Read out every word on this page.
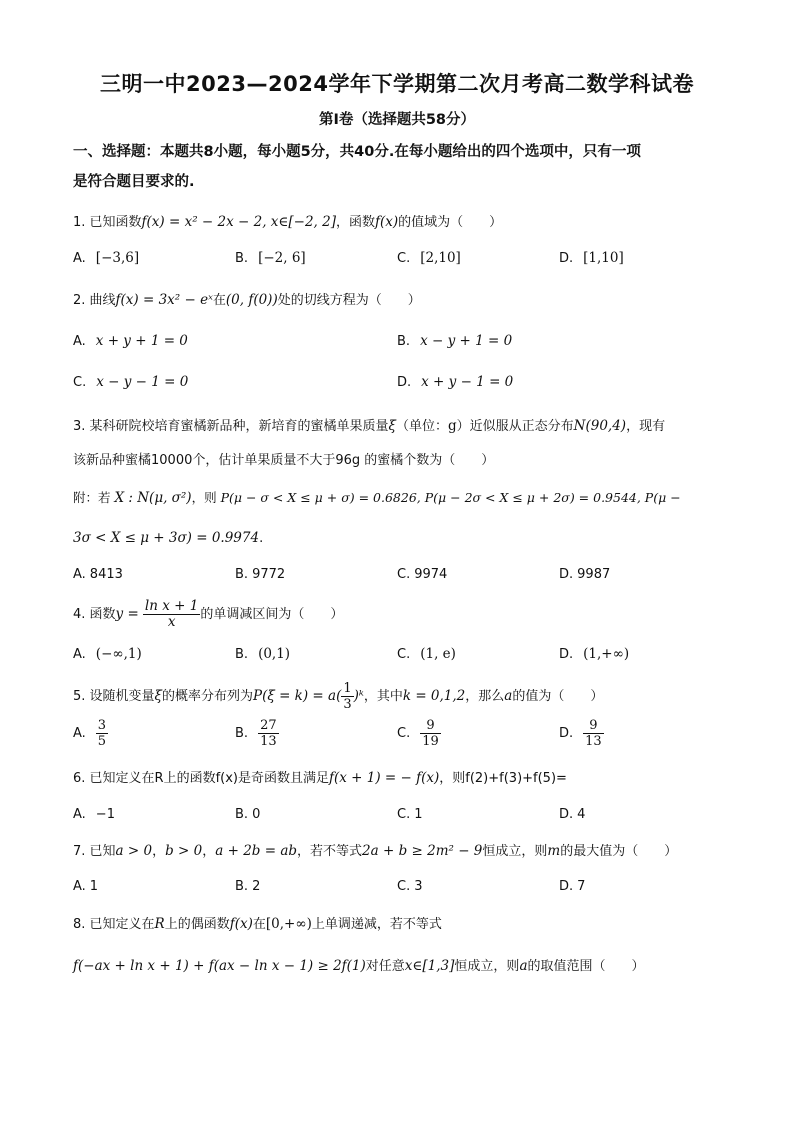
三明一中2023—2024学年下学期第二次月考高二数学科试卷
第Ⅰ卷（选择题共58分）
一、选择题：本题共8小题，每小题5分，共40分.在每小题给出的四个选项中，只有一项
是符合题目要求的.
1. 已知函数f(x) = x² − 2x − 2, x∈[−2, 2]，函数f(x)的值域为（　　）
A. [−3,6]	B. [−2, 6]	C. [2,10]	D. [1,10]
2. 曲线f(x) = 3x² − eˣ在(0, f(0))处的切线方程为（　　）
A. x + y + 1 = 0	B. x − y + 1 = 0
C. x − y − 1 = 0	D. x + y − 1 = 0
3. 某科研院校培育蜜橘新品种，新培育的蜜橘单果质量ξ（单位：g）近似服从正态分布N(90,4)，现有
该新品种蜜橘10000个，估计单果质量不大于96g 的蜜橘个数为（　　）
附：若 X : N(μ, σ²)，则 P(μ − σ < X ≤ μ + σ) = 0.6826, P(μ − 2σ < X ≤ μ + 2σ) = 0.9544, P(μ −
3σ < X ≤ μ + 3σ) = 0.9974.
A. 8413	B. 9772	C. 9974	D. 9987
4. 函数$y = \frac{\text{ln x + 1}}{x}$ 的单调减区间为（　　）
A. (−∞,1)	B. (0,1)	C. (1, e)	D. (1,+∞)
5. 设随机变量ξ的概率分布列为$P(\xi = k) = a( \frac{1}{3}$ )ᵏ，其中k = 0,1,2，那么a的值为（　　）
A. $\frac{3}{5}$	B. $\frac{27}{13}$	C. $\frac{9}{19}$	D. $\frac{9}{13}$
6. 已知定义在R上的函数f(x)是奇函数且满足f(x + 1) = − f(x)，则f(2)+f(3)+f(5)=
A. −1	B. 0	C. 1	D. 4
7. 已知a > 0，b > 0，a + 2b = ab，若不等式2a + b ≥ 2m² − 9恒成立，则m的最大值为（　　）
A. 1	B. 2	C. 3	D. 7
8. 已知定义在R上的偶函数f(x)在[0,+∞)上单调递减，若不等式
f(−ax + ln x + 1) + f(ax − ln x − 1) ≥ 2f(1)对任意x∈[1,3]恒成立，则a的取值范围（　　）
